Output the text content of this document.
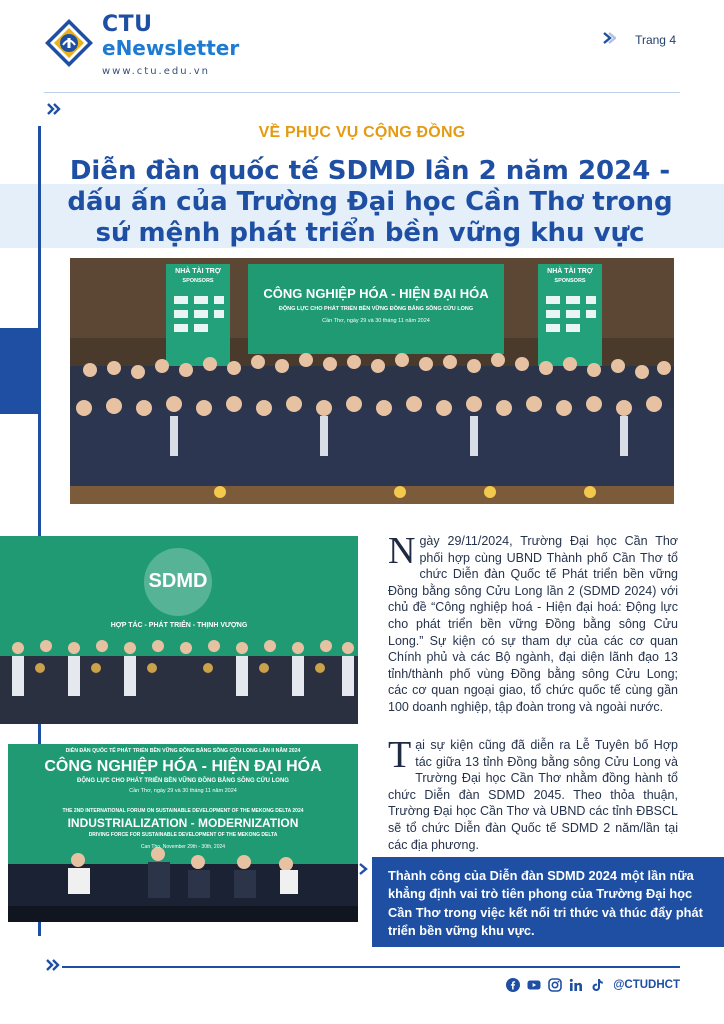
CTU
eNewsletter
www.ctu.edu.vn
Trang 4
VỀ PHỤC VỤ CỘNG ĐỒNG
Diễn đàn quốc tế SDMD lần 2 năm 2024 - dấu ấn của Trường Đại học Cần Thơ trong sứ mệnh phát triển bền vững khu vực
CÔNG NGHIỆP HÓA - HIỆN ĐẠI HÓA
ĐỘNG LỰC CHO PHÁT TRIỂN BỀN VỮNG ĐỒNG BẰNG SÔNG CỬU LONG
Cần Thơ, ngày 29 và 30 tháng 11 năm 2024
NHÀ TÀI TRỢ
SPONSORS
NHÀ TÀI TRỢ
SPONSORS
SDMD
HỢP TÁC - PHÁT TRIỂN - THỊNH VƯỢNG
DIỄN ĐÀN QUỐC TẾ PHÁT TRIỂN BỀN VỮNG ĐỒNG BẰNG SÔNG CỬU LONG LẦN II NĂM 2024
CÔNG NGHIỆP HÓA - HIỆN ĐẠI HÓA
ĐỘNG LỰC CHO PHÁT TRIỂN BỀN VỮNG ĐỒNG BẰNG SÔNG CỬU LONG
Cần Thơ, ngày 29 và 30 tháng 11 năm 2024
THE 2ND INTERNATIONAL FORUM ON SUSTAINABLE DEVELOPMENT OF THE MEKONG DELTA 2024
INDUSTRIALIZATION - MODERNIZATION
DRIVING FORCE FOR SUSTAINABLE DEVELOPMENT OF THE MEKONG DELTA
Can Tho, November 29th - 30th, 2024
Ngày 29/11/2024, Trường Đại học Cần Thơ phối hợp cùng UBND Thành phố Cần Thơ tổ chức Diễn đàn Quốc tế Phát triển bền vững Đồng bằng sông Cửu Long lần 2 (SDMD 2024) với chủ đề “Công nghiệp hoá - Hiện đại hoá: Động lực cho phát triển bền vững Đồng bằng sông Cửu Long.” Sự kiện có sự tham dự của các cơ quan Chính phủ và các Bộ ngành, đại diện lãnh đạo 13 tỉnh/thành phố vùng Đồng bằng sông Cửu Long; các cơ quan ngoại giao, tổ chức quốc tế cùng gần 100 doanh nghiệp, tập đoàn trong và ngoài nước.
Tại sự kiện cũng đã diễn ra Lễ Tuyên bố Hợp tác giữa 13 tỉnh Đồng bằng sông Cửu Long và Trường Đại học Cần Thơ nhằm đồng hành tổ chức Diễn đàn SDMD 2045. Theo thỏa thuận, Trường Đại học Cần Thơ và UBND các tỉnh ĐBSCL sẽ tổ chức Diễn đàn Quốc tế SDMD 2 năm/lần tại các địa phương.

Thành công của Diễn đàn SDMD 2024 một lần nữa khẳng định vai trò tiên phong của Trường Đại học Cần Thơ trong việc kết nối tri thức và thúc đẩy phát triển bền vững khu vực.

@CTUDHCT
